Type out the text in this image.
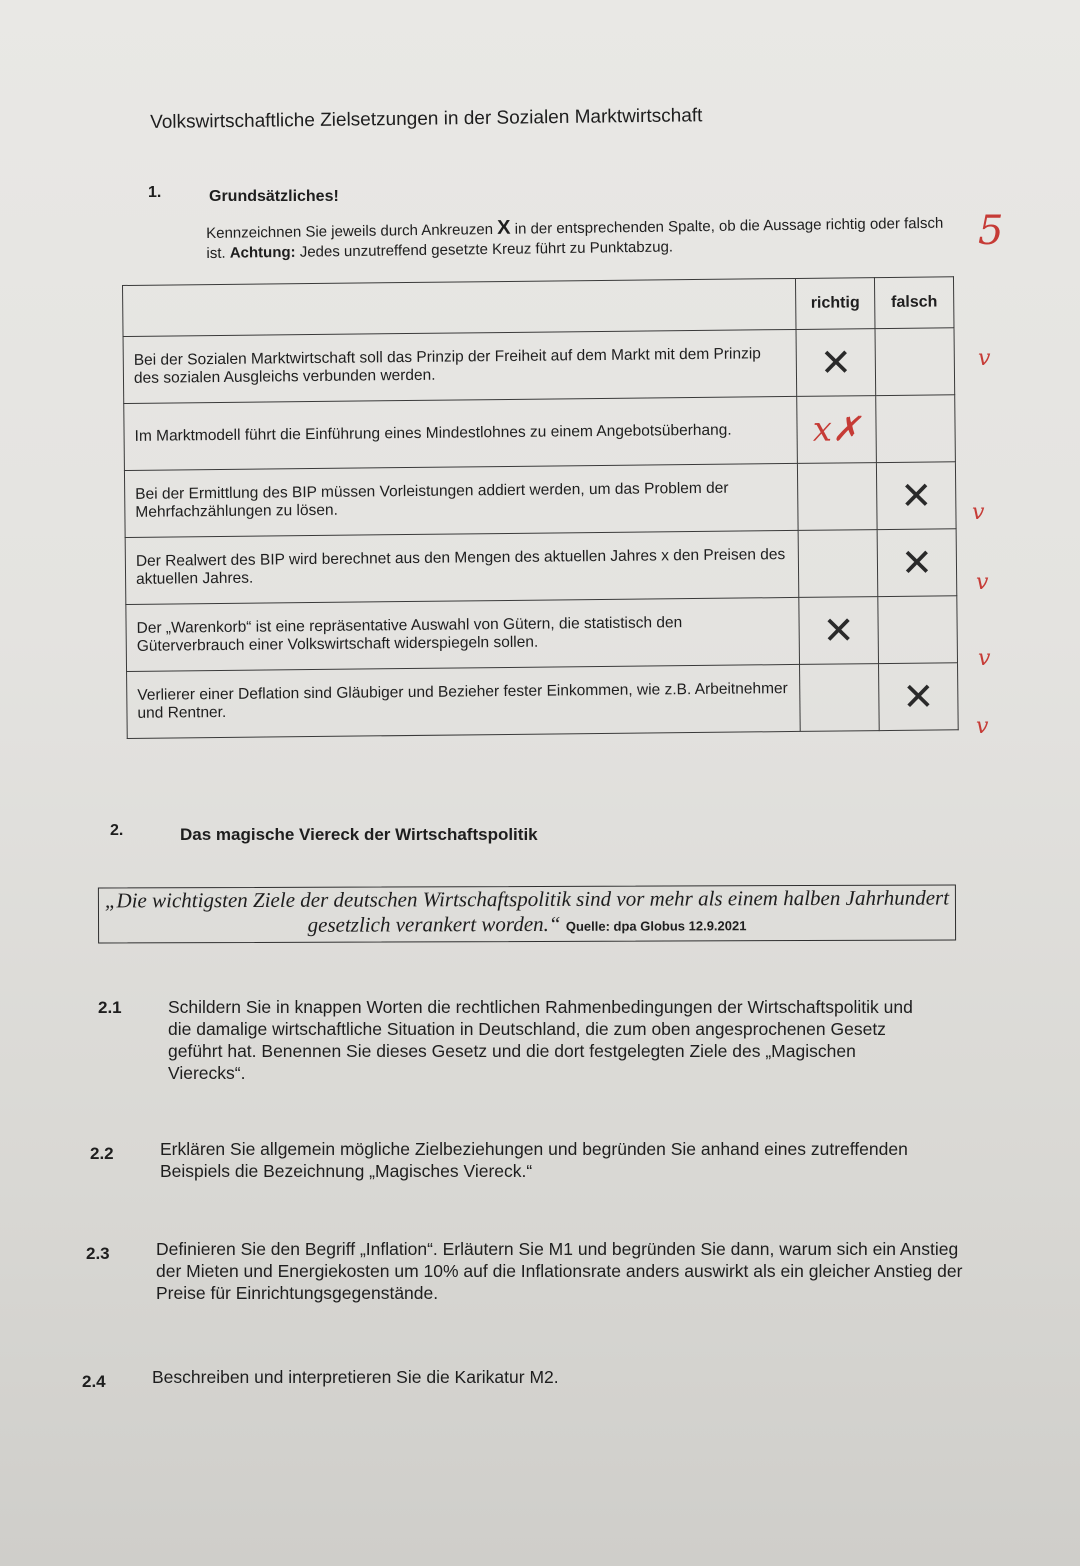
Volkswirtschaftliche Zielsetzungen in der Sozialen Marktwirtschaft
5
1.	Grundsätzliches!
Kennzeichnen Sie jeweils durch Ankreuzen X in der entsprechenden Spalte, ob die Aussage richtig oder falsch ist. Achtung: Jedes unzutreffend gesetzte Kreuz führt zu Punktabzug.
	richtig	falsch
Bei der Sozialen Marktwirtschaft soll das Prinzip der Freiheit auf dem Markt mit dem Prinzip des sozialen Ausgleichs verbunden werden.	✕	
Im Marktmodell führt die Einführung eines Mindestlohnes zu einem Angebotsüberhang.	x✗	
Bei der Ermittlung des BIP müssen Vorleistungen addiert werden, um das Problem der Mehrfachzählungen zu lösen.		✕
Der Realwert des BIP wird berechnet aus den Mengen des aktuellen Jahres x den Preisen des aktuellen Jahres.		✕
Der „Warenkorb“ ist eine repräsentative Auswahl von Gütern, die statistisch den Güterverbrauch einer Volkswirtschaft widerspiegeln sollen.	✕	
Verlierer einer Deflation sind Gläubiger und Bezieher fester Einkommen, wie z.B. Arbeitnehmer und Rentner.		✕
v
v
v
v
v
2.	Das magische Viereck der Wirtschaftspolitik
„Die wichtigsten Ziele der deutschen Wirtschaftspolitik sind vor mehr als einem halben Jahrhundert gesetzlich verankert worden.“ Quelle: dpa Globus 12.9.2021
2.1	Schildern Sie in knappen Worten die rechtlichen Rahmenbedingungen der Wirtschaftspolitik und die damalige wirtschaftliche Situation in Deutschland, die zum oben angesprochenen Gesetz geführt hat. Benennen Sie dieses Gesetz und die dort festgelegten Ziele des „Magischen Vierecks“.
2.2	Erklären Sie allgemein mögliche Zielbeziehungen und begründen Sie anhand eines zutreffenden Beispiels die Bezeichnung „Magisches Viereck.“
2.3	Definieren Sie den Begriff „Inflation“. Erläutern Sie M1 und begründen Sie dann, warum sich ein Anstieg der Mieten und Energiekosten um 10% auf die Inflationsrate anders auswirkt als ein gleicher Anstieg der Preise für Einrichtungsgegenstände.
2.4	Beschreiben und interpretieren Sie die Karikatur M2.
